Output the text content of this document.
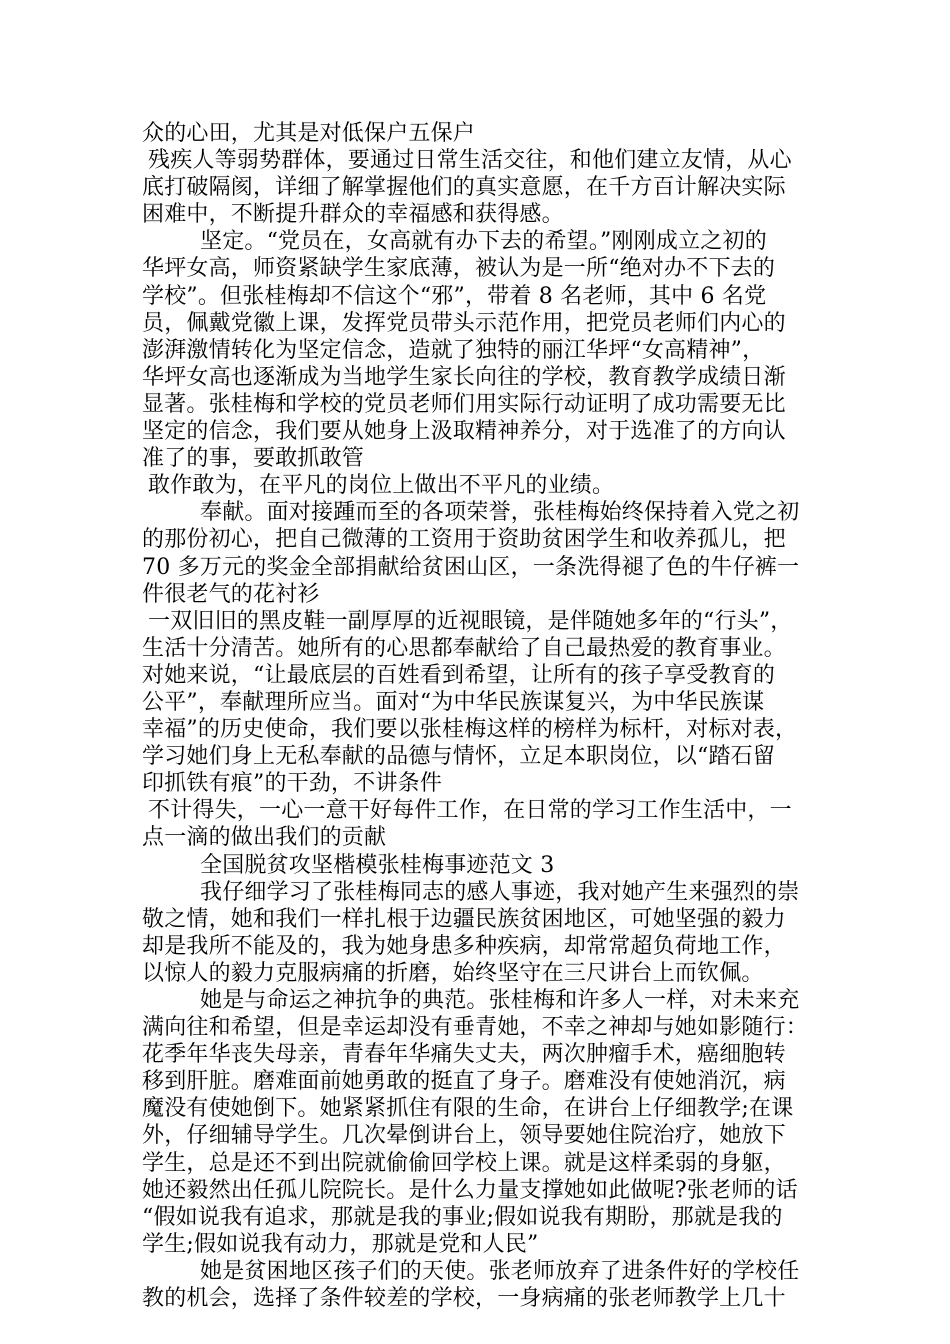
众的心田，尤其是对低保户五保户
残疾人等弱势群体，要通过日常生活交往，和他们建立友情，从心
底打破隔阂，详细了解掌握他们的真实意愿，在千方百计解决实际
困难中，不断提升群众的幸福感和获得感。
坚定。“党员在，女高就有办下去的希望。”刚刚成立之初的
华坪女高，师资紧缺学生家底薄，被认为是一所“绝对办不下去的
学校”。但张桂梅却不信这个“邪”，带着 8 名老师，其中 6 名党
员，佩戴党徽上课，发挥党员带头示范作用，把党员老师们内心的
澎湃激情转化为坚定信念，造就了独特的丽江华坪“女高精神”，
华坪女高也逐渐成为当地学生家长向往的学校，教育教学成绩日渐
显著。张桂梅和学校的党员老师们用实际行动证明了成功需要无比
坚定的信念，我们要从她身上汲取精神养分，对于选准了的方向认
准了的事，要敢抓敢管
敢作敢为，在平凡的岗位上做出不平凡的业绩。
奉献。面对接踵而至的各项荣誉，张桂梅始终保持着入党之初
的那份初心，把自己微薄的工资用于资助贫困学生和收养孤儿，把
70 多万元的奖金全部捐献给贫困山区，一条洗得褪了色的牛仔裤一
件很老气的花衬衫
一双旧旧的黑皮鞋一副厚厚的近视眼镜，是伴随她多年的“行头”，
生活十分清苦。她所有的心思都奉献给了自己最热爱的教育事业。
对她来说，“让最底层的百姓看到希望，让所有的孩子享受教育的
公平”，奉献理所应当。面对“为中华民族谋复兴，为中华民族谋
幸福”的历史使命，我们要以张桂梅这样的榜样为标杆，对标对表，
学习她们身上无私奉献的品德与情怀，立足本职岗位，以“踏石留
印抓铁有痕”的干劲，不讲条件
不计得失，一心一意干好每件工作，在日常的学习工作生活中，一
点一滴的做出我们的贡献
全国脱贫攻坚楷模张桂梅事迹范文 3
我仔细学习了张桂梅同志的感人事迹，我对她产生来强烈的崇
敬之情，她和我们一样扎根于边疆民族贫困地区，可她坚强的毅力
却是我所不能及的，我为她身患多种疾病，却常常超负荷地工作，
以惊人的毅力克服病痛的折磨，始终坚守在三尺讲台上而钦佩。
她是与命运之神抗争的典范。张桂梅和许多人一样，对未来充
满向往和希望，但是幸运却没有垂青她，不幸之神却与她如影随行：
花季年华丧失母亲，青春年华痛失丈夫，两次肿瘤手术，癌细胞转
移到肝脏。磨难面前她勇敢的挺直了身子。磨难没有使她消沉，病
魔没有使她倒下。她紧紧抓住有限的生命，在讲台上仔细教学;在课
外，仔细辅导学生。几次晕倒讲台上，领导要她住院治疗，她放下
学生，总是还不到出院就偷偷回学校上课。就是这样柔弱的身躯，
她还毅然出任孤儿院院长。是什么力量支撑她如此做呢?张老师的话
“假如说我有追求，那就是我的事业;假如说我有期盼，那就是我的
学生;假如说我有动力，那就是党和人民”
她是贫困地区孩子们的天使。张老师放弃了进条件好的学校任
教的机会，选择了条件较差的学校，一身病痛的张老师教学上几十
